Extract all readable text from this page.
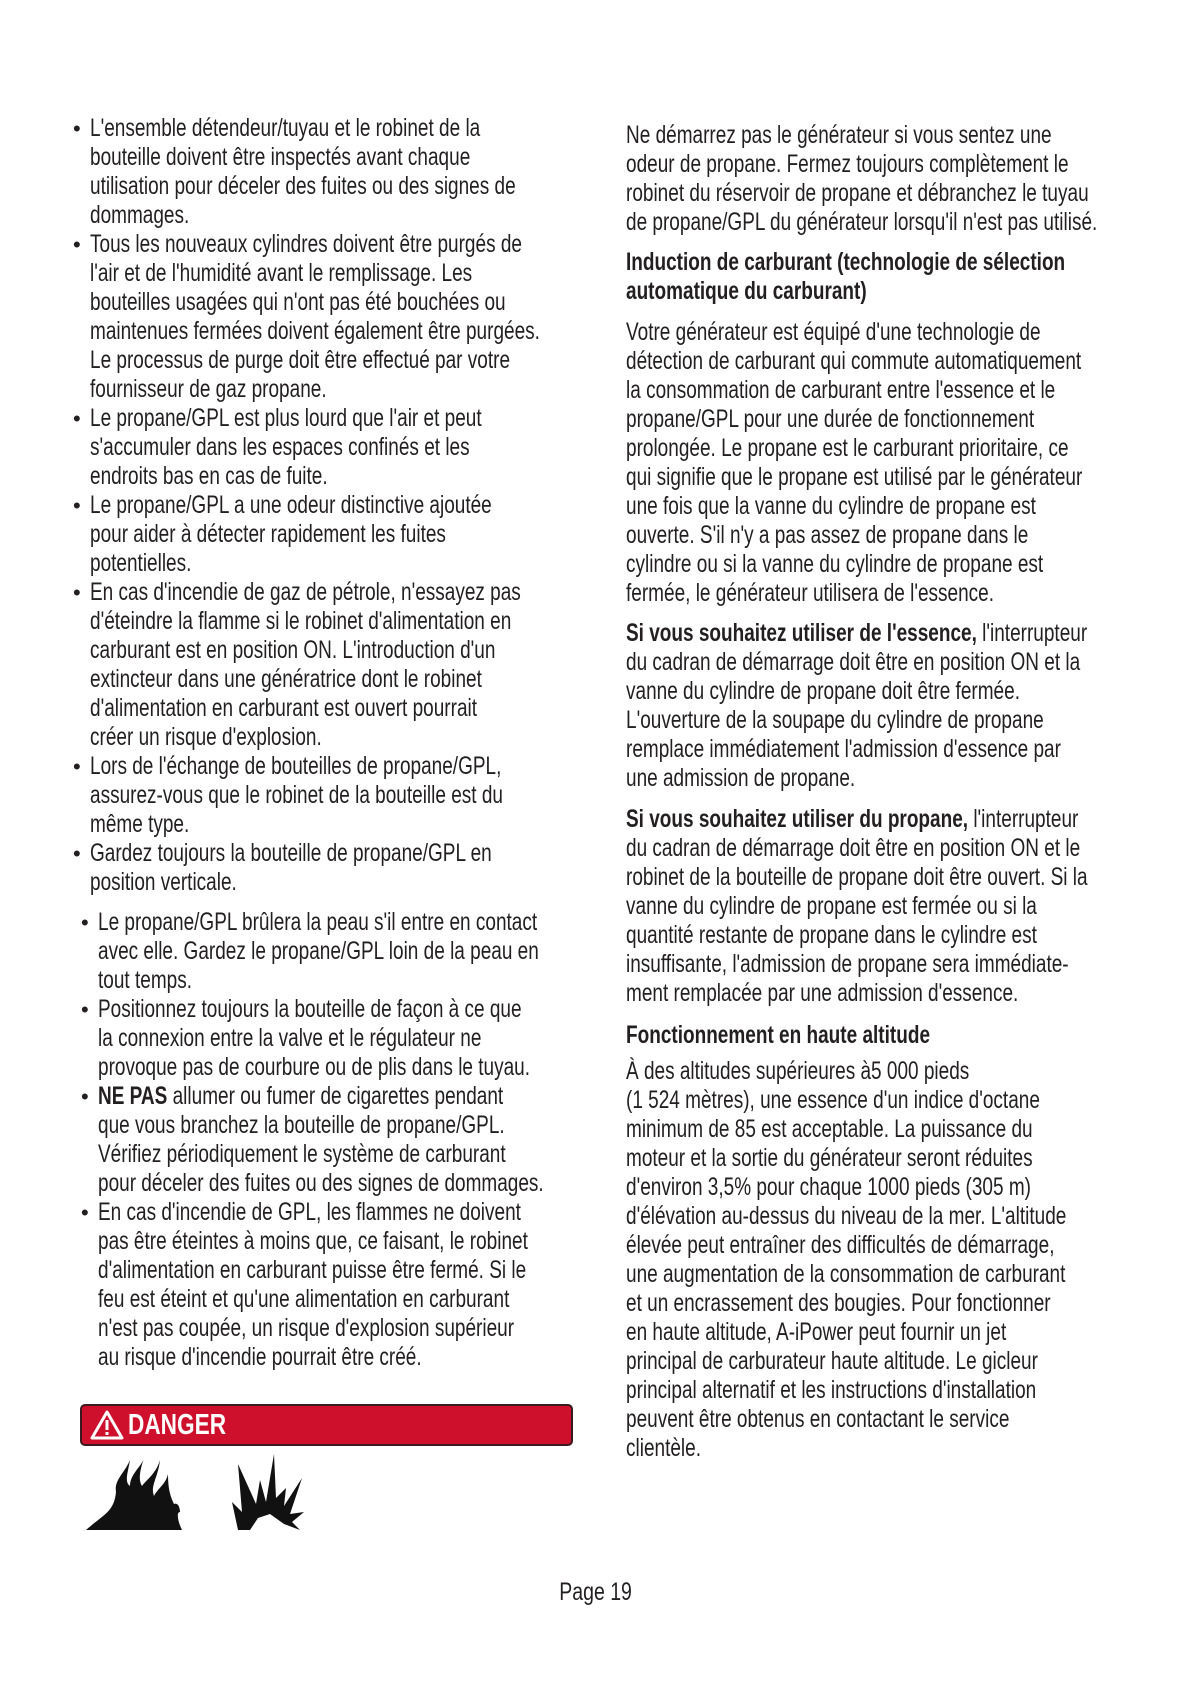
• L'ensemble détendeur/tuyau et le robinet de la
bouteille doivent être inspectés avant chaque
utilisation pour déceler des fuites ou des signes de
dommages.
• Tous les nouveaux cylindres doivent être purgés de
l'air et de l'humidité avant le remplissage. Les
bouteilles usagées qui n'ont pas été bouchées ou
maintenues fermées doivent également être purgées.
Le processus de purge doit être effectué par votre
fournisseur de gaz propane.
• Le propane/GPL est plus lourd que l'air et peut
s'accumuler dans les espaces confinés et les
endroits bas en cas de fuite.
• Le propane/GPL a une odeur distinctive ajoutée
pour aider à détecter rapidement les fuites
potentielles.
• En cas d'incendie de gaz de pétrole, n'essayez pas
d'éteindre la flamme si le robinet d'alimentation en
carburant est en position ON. L'introduction d'un
extincteur dans une génératrice dont le robinet
d'alimentation en carburant est ouvert pourrait
créer un risque d'explosion.
• Lors de l'échange de bouteilles de propane/GPL,
assurez-vous que le robinet de la bouteille est du
même type.
• Gardez toujours la bouteille de propane/GPL en
position verticale.
• Le propane/GPL brûlera la peau s'il entre en contact
avec elle. Gardez le propane/GPL loin de la peau en
tout temps.
• Positionnez toujours la bouteille de façon à ce que
la connexion entre la valve et le régulateur ne
provoque pas de courbure ou de plis dans le tuyau.
• NE PAS allumer ou fumer de cigarettes pendant
que vous branchez la bouteille de propane/GPL.
Vérifiez périodiquement le système de carburant
pour déceler des fuites ou des signes de dommages.
• En cas d'incendie de GPL, les flammes ne doivent
pas être éteintes à moins que, ce faisant, le robinet
d'alimentation en carburant puisse être fermé. Si le
feu est éteint et qu'une alimentation en carburant
n'est pas coupée, un risque d'explosion supérieur
au risque d'incendie pourrait être créé.
Ne démarrez pas le générateur si vous sentez une
odeur de propane. Fermez toujours complètement le
robinet du réservoir de propane et débranchez le tuyau
de propane/GPL du générateur lorsqu'il n'est pas utilisé.
Induction de carburant (technologie de sélection
automatique du carburant)
Votre générateur est équipé d'une technologie de
détection de carburant qui commute automatiquement
la consommation de carburant entre l'essence et le
propane/GPL pour une durée de fonctionnement
prolongée. Le propane est le carburant prioritaire, ce
qui signifie que le propane est utilisé par le générateur
une fois que la vanne du cylindre de propane est
ouverte. S'il n'y a pas assez de propane dans le
cylindre ou si la vanne du cylindre de propane est
fermée, le générateur utilisera de l'essence.
Si vous souhaitez utiliser de l'essence, l'interrupteur
du cadran de démarrage doit être en position ON et la
vanne du cylindre de propane doit être fermée.
L'ouverture de la soupape du cylindre de propane
remplace immédiatement l'admission d'essence par
une admission de propane.
Si vous souhaitez utiliser du propane, l'interrupteur
du cadran de démarrage doit être en position ON et le
robinet de la bouteille de propane doit être ouvert. Si la
vanne du cylindre de propane est fermée ou si la
quantité restante de propane dans le cylindre est
insuffisante, l'admission de propane sera immédiate-
ment remplacée par une admission d'essence.
Fonctionnement en haute altitude
À des altitudes supérieures à5 000 pieds
(1 524 mètres), une essence d'un indice d'octane
minimum de 85 est acceptable. La puissance du
moteur et la sortie du générateur seront réduites
d'environ 3,5% pour chaque 1000 pieds (305 m)
d'élévation au-dessus du niveau de la mer. L'altitude
élevée peut entraîner des difficultés de démarrage,
une augmentation de la consommation de carburant
et un encrassement des bougies. Pour fonctionner
en haute altitude, A-iPower peut fournir un jet
principal de carburateur haute altitude. Le gicleur
principal alternatif et les instructions d'installation
peuvent être obtenus en contactant le service
clientèle.
DANGER
Page 19
